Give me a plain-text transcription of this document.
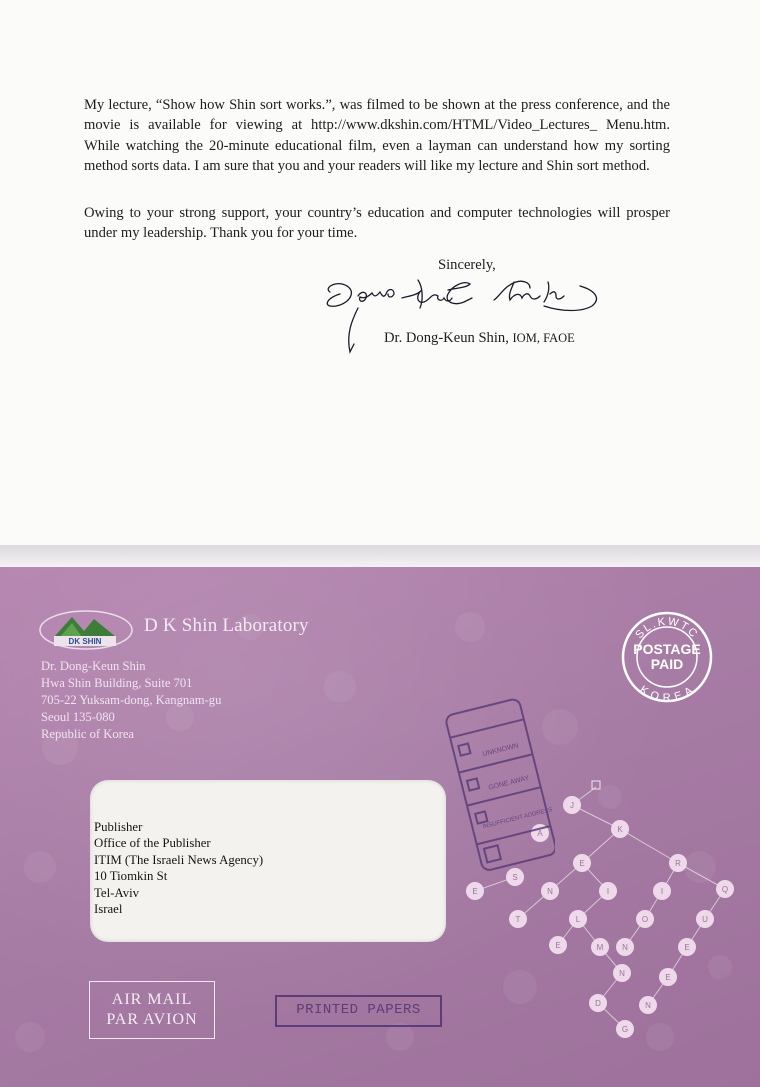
My lecture, “Show how Shin sort works.”, was filmed to be shown at the press conference, and the movie is available for viewing at http://www.dkshin.com/HTML/Video_Lectures_ Menu.htm. While watching the 20-minute educational film, even a layman can understand how my sorting method sorts data. I am sure that you and your readers will like my lecture and Shin sort method.

Owing to your strong support, your country’s education and computer technologies will prosper under my leadership. Thank you for your time.

Sincerely,
Dr. Dong-Keun Shin, IOM, FAOE
DK SHIN
D K Shin Laboratory
Dr. Dong-Keun Shin
Hwa Shin Building, Suite 701
705-22 Yuksam-dong, Kangnam-gu
Seoul 135-080
Republic of Korea
SL.KWTC
KOREA
POSTAGE
PAID
Publisher
Office of the Publisher
ITIM (The Israeli News Agency)
10 Tiomkin St
Tel-Aviv
Israel
J
K
A
E	R
E	N	I	I	Q
T	L	O	U
E	M N	E
N	E
D	N
G
S
UNKNOWN
GONE AWAY
INSUFFICIENT ADDRESS
AIR MAIL
PAR AVION
PRINTED PAPERS
